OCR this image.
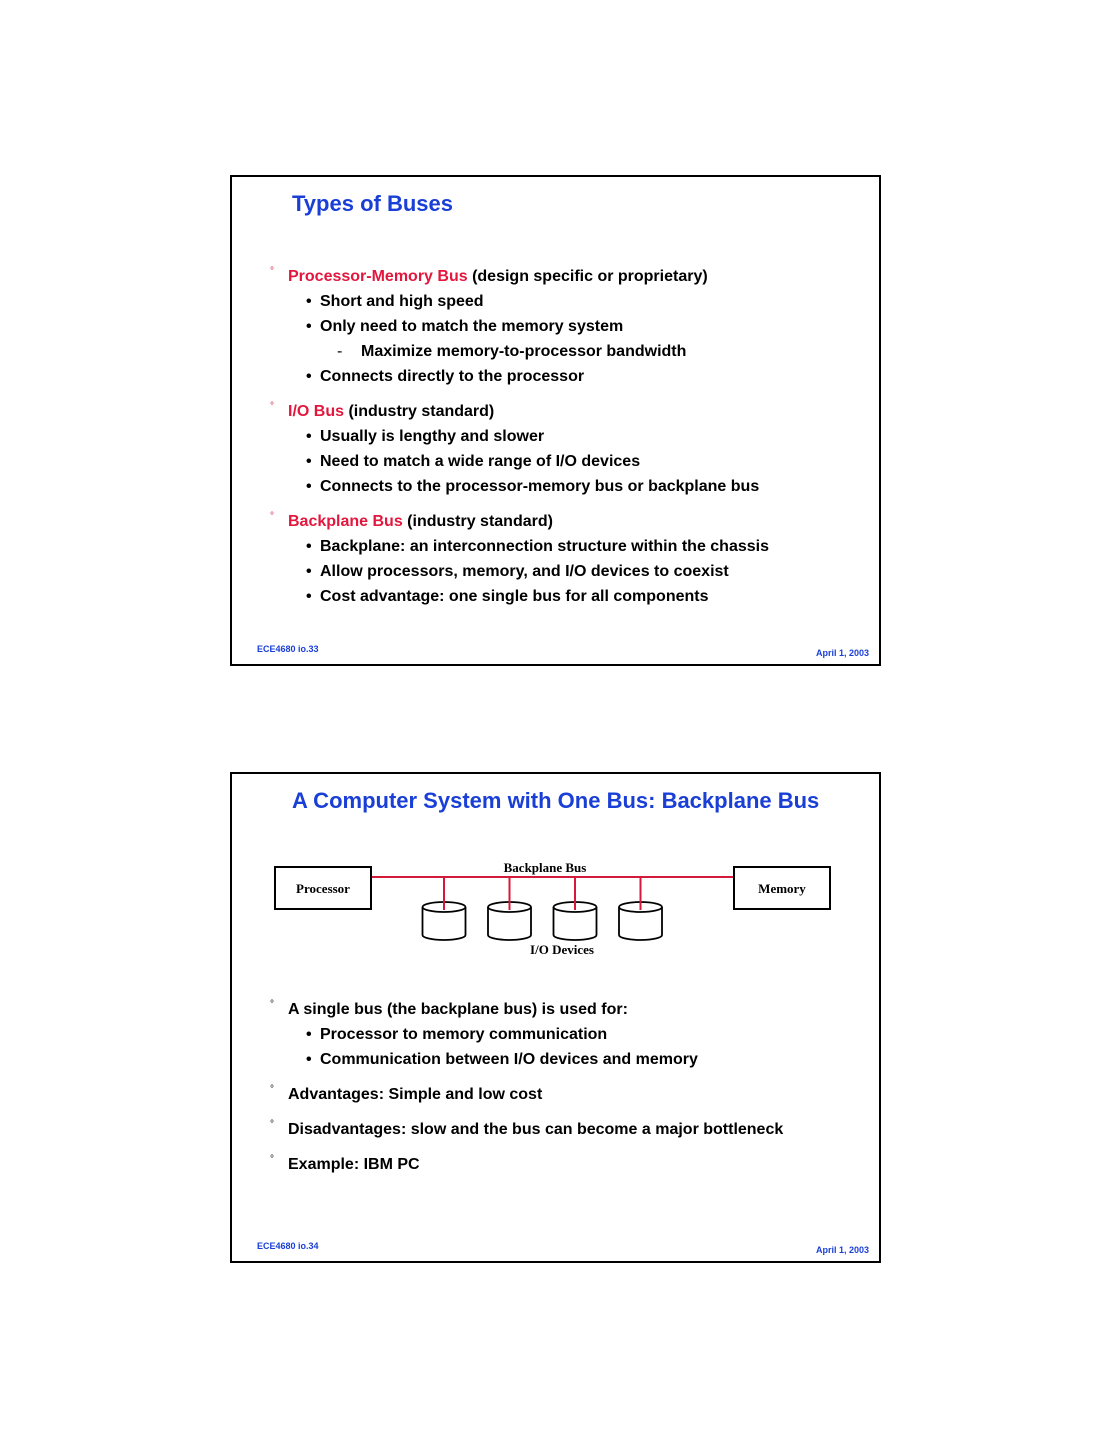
Types of Buses
° Processor-Memory Bus (design specific or proprietary)
• Short and high speed
• Only need to match the memory system
- Maximize memory-to-processor bandwidth
• Connects directly to the processor
° I/O Bus (industry standard)
• Usually is lengthy and slower
• Need to match a wide range of I/O devices
• Connects to the processor-memory bus or backplane bus
° Backplane Bus (industry standard)
• Backplane: an interconnection structure within the chassis
• Allow processors, memory, and I/O devices to coexist
• Cost advantage: one single bus for all components
ECE4680 io.33	April 1, 2003
A Computer System with One Bus: Backplane Bus
Processor	Memory
Backplane Bus
I/O Devices
° A single bus (the backplane bus) is used for:
• Processor to memory communication
• Communication between I/O devices and memory
° Advantages: Simple and low cost
° Disadvantages: slow and the bus can become a major bottleneck
° Example: IBM PC
ECE4680 io.34	April 1, 2003
